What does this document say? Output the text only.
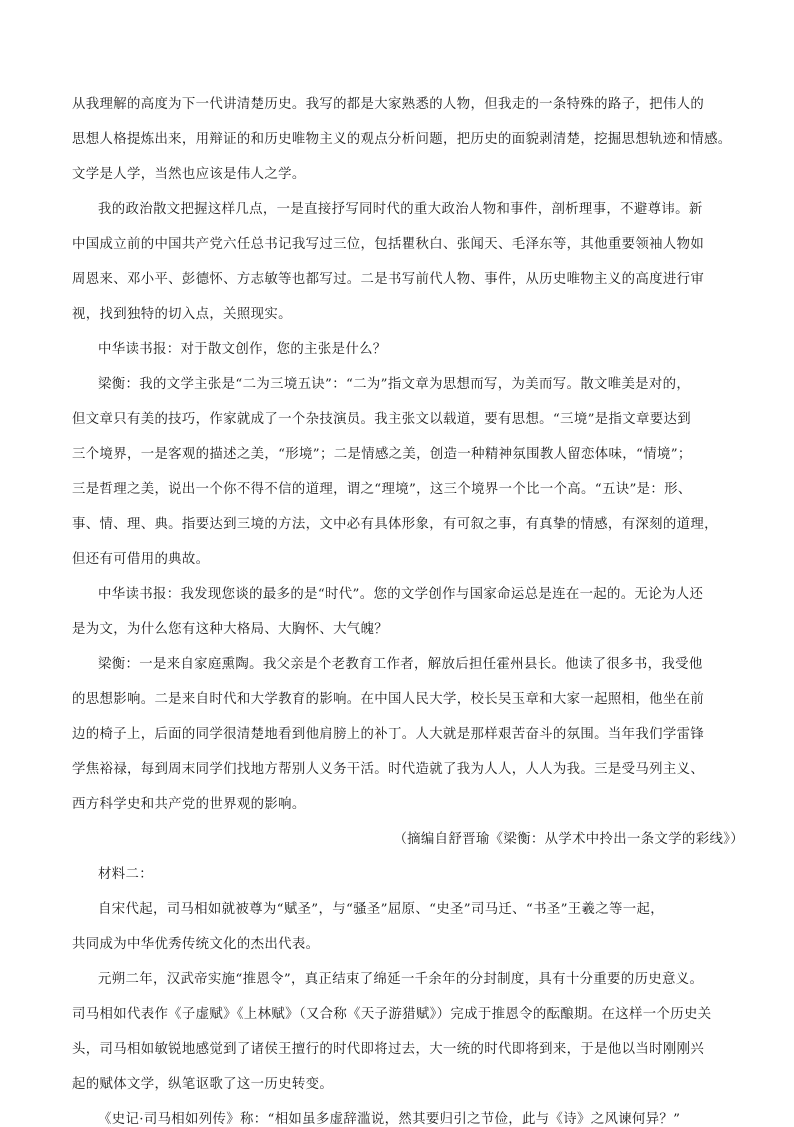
从我理解的高度为下一代讲清楚历史。我写的都是大家熟悉的人物，但我走的一条特殊的路子，把伟人的
思想人格提炼出来，用辩证的和历史唯物主义的观点分析问题，把历史的面貌剥清楚，挖掘思想轨迹和情感。
文学是人学，当然也应该是伟人之学。
我的政治散文把握这样几点，一是直接抒写同时代的重大政治人物和事件，剖析理事，不避尊讳。新
中国成立前的中国共产党六任总书记我写过三位，包括瞿秋白、张闻天、毛泽东等，其他重要领袖人物如
周恩来、邓小平、彭德怀、方志敏等也都写过。二是书写前代人物、事件，从历史唯物主义的高度进行审
视，找到独特的切入点，关照现实。
中华读书报：对于散文创作，您的主张是什么？
梁衡：我的文学主张是“二为三境五诀”：“二为”指文章为思想而写，为美而写。散文唯美是对的，
但文章只有美的技巧，作家就成了一个杂技演员。我主张文以载道，要有思想。“三境”是指文章要达到
三个境界，一是客观的描述之美，“形境”；二是情感之美，创造一种精神氛围教人留恋体味，“情境”；
三是哲理之美，说出一个你不得不信的道理，谓之“理境”，这三个境界一个比一个高。“五诀”是：形、
事、情、理、典。指要达到三境的方法，文中必有具体形象，有可叙之事，有真挚的情感，有深刻的道理，
但还有可借用的典故。
中华读书报：我发现您谈的最多的是“时代”。您的文学创作与国家命运总是连在一起的。无论为人还
是为文，为什么您有这种大格局、大胸怀、大气魄？
梁衡：一是来自家庭熏陶。我父亲是个老教育工作者，解放后担任霍州县长。他读了很多书，我受他
的思想影响。二是来自时代和大学教育的影响。在中国人民大学，校长吴玉章和大家一起照相，他坐在前
边的椅子上，后面的同学很清楚地看到他肩膀上的补丁。人大就是那样艰苦奋斗的氛围。当年我们学雷锋
学焦裕禄，每到周末同学们找地方帮别人义务干活。时代造就了我为人人，人人为我。三是受马列主义、
西方科学史和共产党的世界观的影响。
（摘编自舒晋瑜《梁衡：从学术中拎出一条文学的彩线》）
材料二：
自宋代起，司马相如就被尊为“赋圣”，与“骚圣”屈原、“史圣”司马迁、“书圣”王羲之等一起，
共同成为中华优秀传统文化的杰出代表。
元朔二年，汉武帝实施“推恩令”，真正结束了绵延一千余年的分封制度，具有十分重要的历史意义。
司马相如代表作《子虚赋》《上林赋》（又合称《天子游猎赋》）完成于推恩令的酝酿期。在这样一个历史关
头，司马相如敏锐地感觉到了诸侯王擅行的时代即将过去，大一统的时代即将到来，于是他以当时刚刚兴
起的赋体文学，纵笔讴歌了这一历史转变。
《史记·司马相如列传》称：“相如虽多虚辞滥说，然其要归引之节俭，此与《诗》之风谏何异？”
